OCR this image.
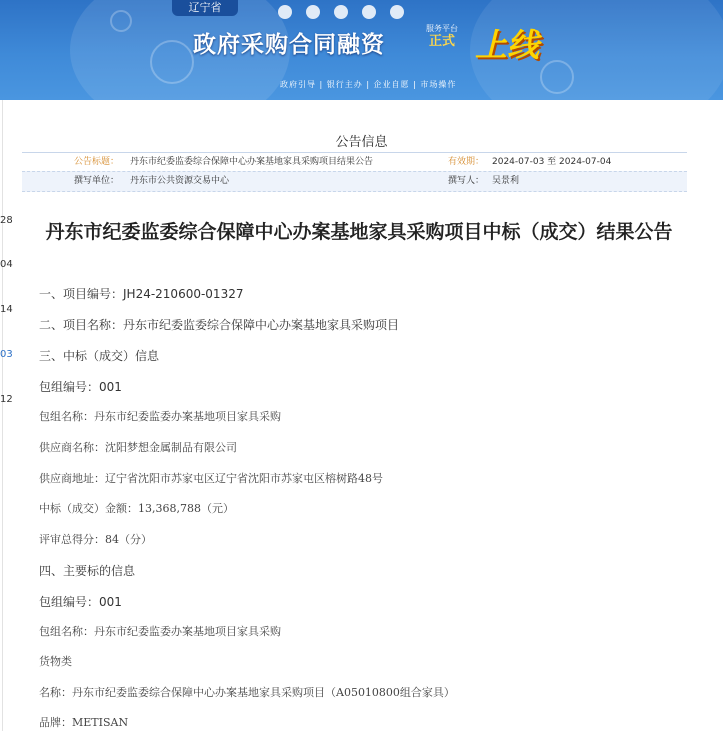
辽宁省
政府采购合同融资
服务平台
正式 上线
政府引导 | 银行主办 | 企业自愿 | 市场操作
公告信息
公告标题： 丹东市纪委监委综合保障中心办案基地家具采购项目结果公告	有效期： 2024-07-03 至 2024-07-04
撰写单位： 丹东市公共资源交易中心	撰写人： 吴景利
28
04
14
03
12
丹东市纪委监委综合保障中心办案基地家具采购项目中标（成交）结果公告
一、项目编号：JH24-210600-01327
二、项目名称：丹东市纪委监委综合保障中心办案基地家具采购项目
三、中标（成交）信息
包组编号：001
包组名称：丹东市纪委监委办案基地项目家具采购
供应商名称：沈阳梦想金属制品有限公司
供应商地址：辽宁省沈阳市苏家屯区辽宁省沈阳市苏家屯区榕树路48号
中标（成交）金额：13,368,788（元）
评审总得分：84（分）
四、主要标的信息
包组编号：001
包组名称：丹东市纪委监委办案基地项目家具采购
货物类
名称：丹东市纪委监委综合保障中心办案基地家具采购项目（A05010800组合家具）
品牌：METISAN
